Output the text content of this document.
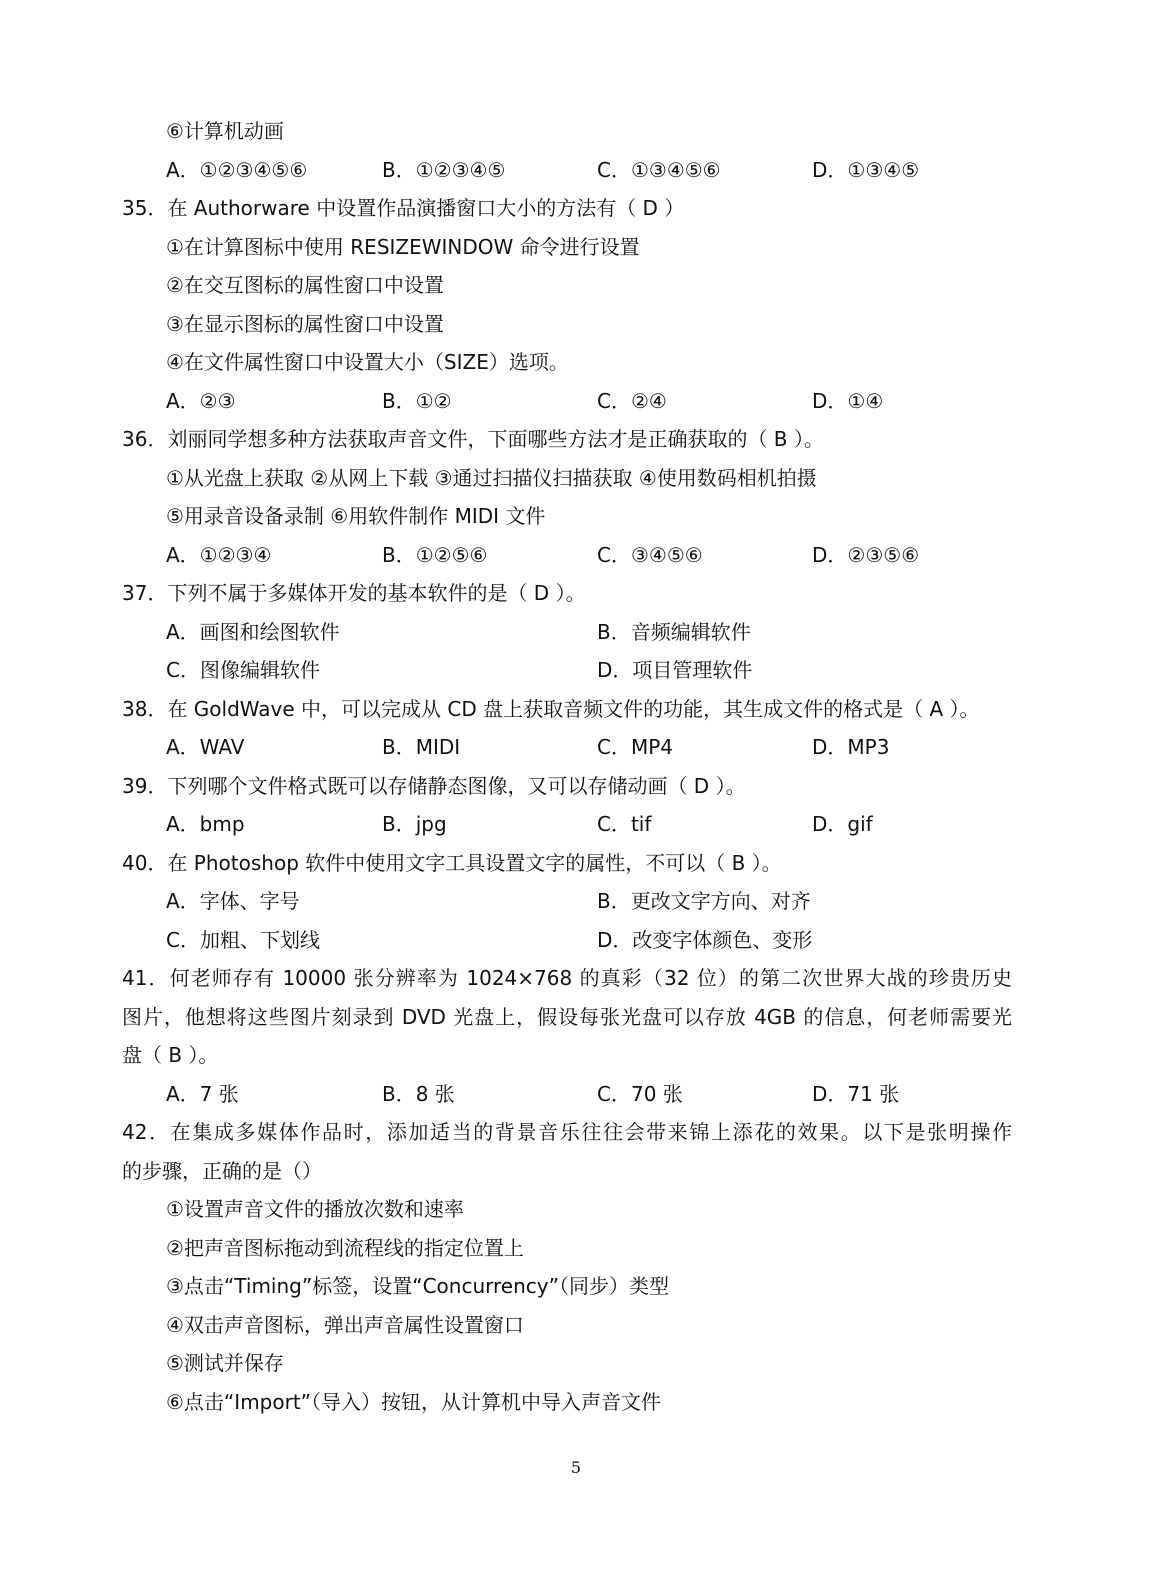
⑥计算机动画
A．①②③④⑤⑥	B．①②③④⑤	C．①③④⑤⑥	D．①③④⑤
35．在 Authorware 中设置作品演播窗口大小的方法有（ D ）
①在计算图标中使用 RESIZEWINDOW 命令进行设置
②在交互图标的属性窗口中设置
③在显示图标的属性窗口中设置
④在文件属性窗口中设置大小（SIZE）选项。
A．②③	B．①②	C．②④	D．①④
36．刘丽同学想多种方法获取声音文件，下面哪些方法才是正确获取的（ B ）。
①从光盘上获取 ②从网上下载 ③通过扫描仪扫描获取 ④使用数码相机拍摄
⑤用录音设备录制 ⑥用软件制作 MIDI 文件
A．①②③④	B．①②⑤⑥	C．③④⑤⑥	D．②③⑤⑥
37．下列不属于多媒体开发的基本软件的是（ D ）。
A．画图和绘图软件	B．音频编辑软件
C．图像编辑软件	D．项目管理软件
38．在 GoldWave 中，可以完成从 CD 盘上获取音频文件的功能，其生成文件的格式是（ A ）。
A．WAV	B．MIDI	C．MP4	D．MP3
39．下列哪个文件格式既可以存储静态图像，又可以存储动画（ D ）。
A．bmp	B．jpg	C．tif	D．gif
40．在 Photoshop 软件中使用文字工具设置文字的属性，不可以（ B ）。
A．字体、字号	B．更改文字方向、对齐
C．加粗、下划线	D．改变字体颜色、变形
41．何老师存有 10000 张分辨率为 1024×768 的真彩（32 位）的第二次世界大战的珍贵历史
图片，他想将这些图片刻录到 DVD 光盘上，假设每张光盘可以存放 4GB 的信息，何老师需要光
盘（ B ）。
A．7 张	B．8 张	C．70 张	D．71 张
42．在集成多媒体作品时，添加适当的背景音乐往往会带来锦上添花的效果。以下是张明操作
的步骤，正确的是（）
①设置声音文件的播放次数和速率
②把声音图标拖动到流程线的指定位置上
③点击“Timing”标签，设置“Concurrency”（同步）类型
④双击声音图标，弹出声音属性设置窗口
⑤测试并保存
⑥点击“Import”（导入）按钮，从计算机中导入声音文件
5
